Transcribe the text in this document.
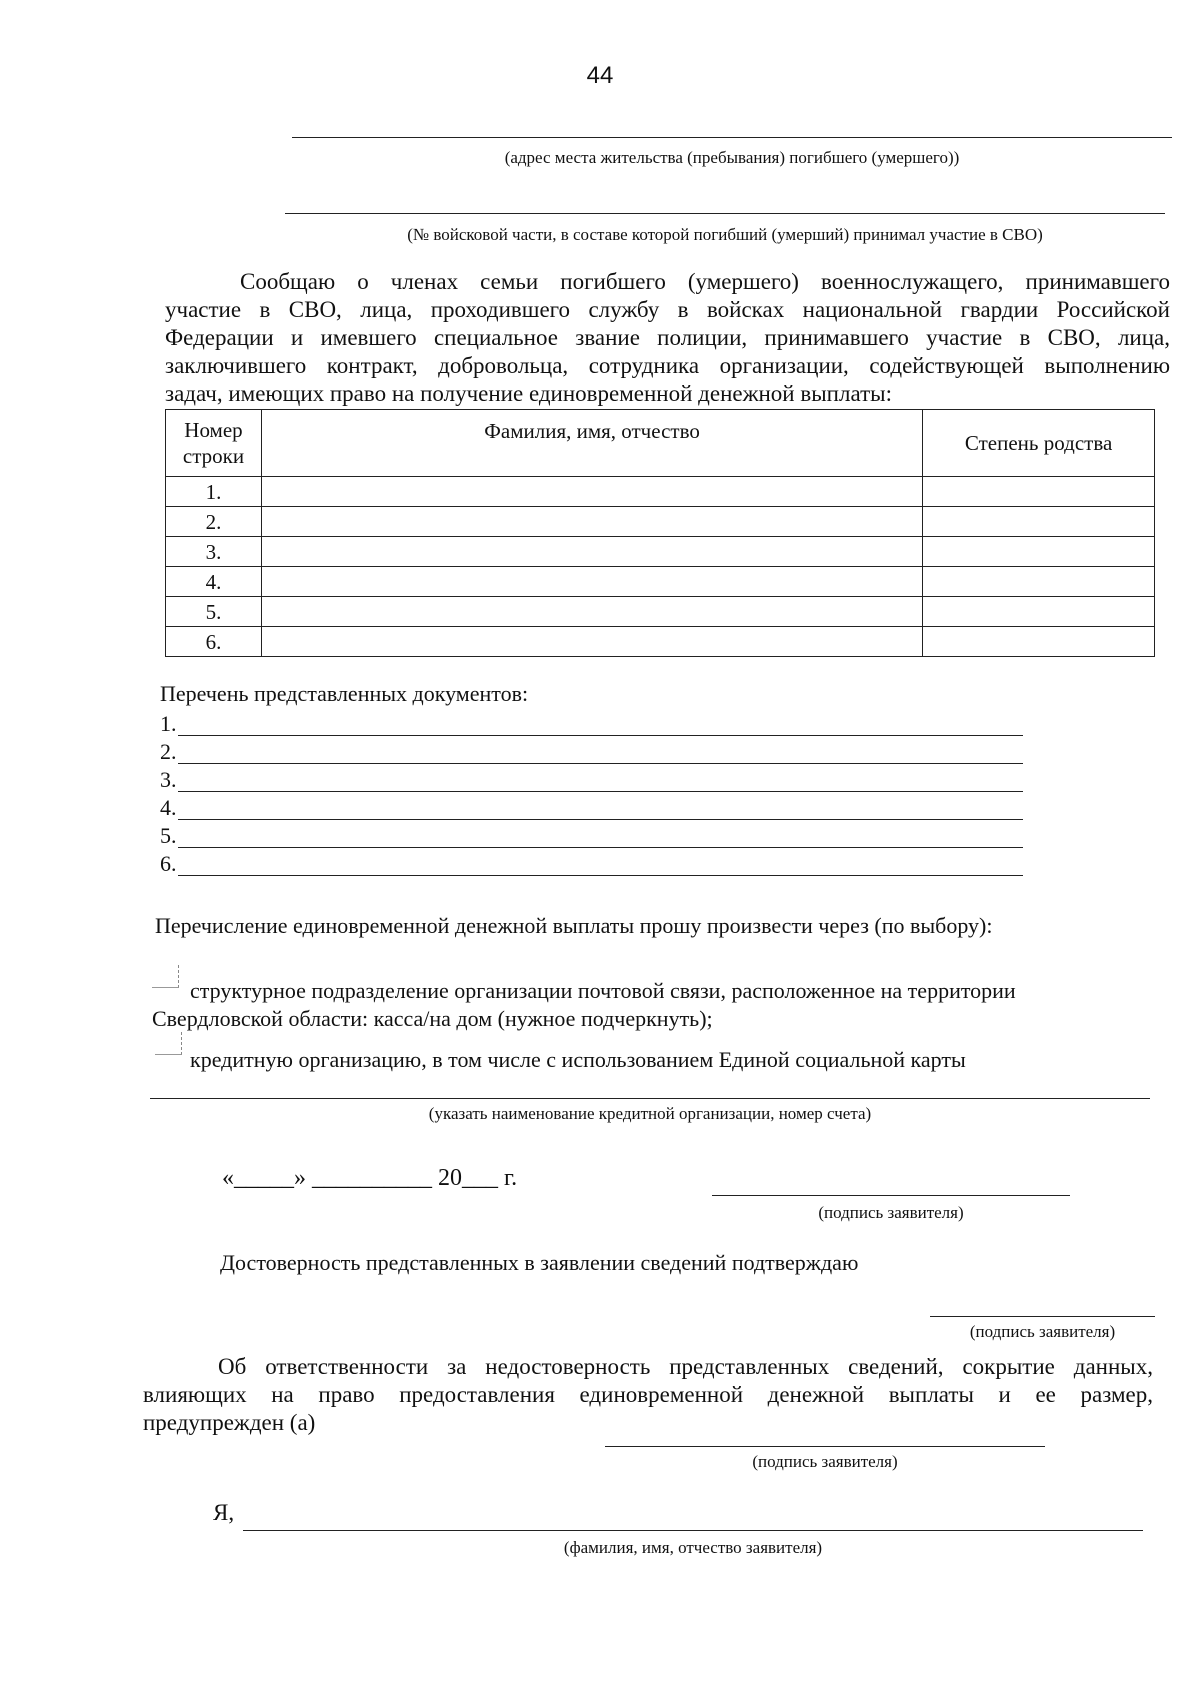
44
(адрес места жительства (пребывания) погибшего (умершего))
(№ войсковой части, в составе которой погибший (умерший) принимал участие в СВО)
Сообщаю о членах семьи погибшего (умершего) военнослужащего, принимавшего
участие в СВО, лица, проходившего службу в войсках национальной гвардии Российской
Федерации и имевшего специальное звание полиции, принимавшего участие в СВО, лица,
заключившего контракт, добровольца, сотрудника организации, содействующей выполнению
задач, имеющих право на получение единовременной денежной выплаты:
Номер строки	Фамилия, имя, отчество	Степень родства
1.		
2.		
3.		
4.		
5.		
6.		
Перечень представленных документов:
1.
2.
3.
4.
5.
6.
Перечисление единовременной денежной выплаты прошу произвести через (по выбору):
структурное подразделение организации почтовой связи, расположенное на территории
Свердловской области: касса/на дом (нужное подчеркнуть);
кредитную организацию, в том числе с использованием Единой социальной карты
(указать наименование кредитной организации, номер счета)
«_____» __________ 20___ г.
(подпись заявителя)
Достоверность представленных в заявлении сведений подтверждаю
(подпись заявителя)
Об ответственности за недостоверность представленных сведений, сокрытие данных,
влияющих на право предоставления единовременной денежной выплаты и ее размер,
предупрежден (а)
(подпись заявителя)
Я,
(фамилия, имя, отчество заявителя)
